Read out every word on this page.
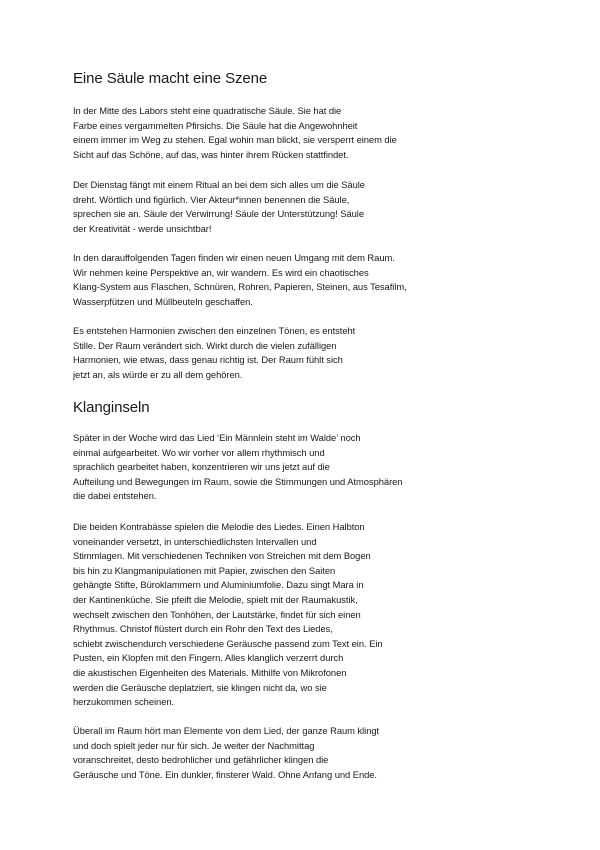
Eine Säule macht eine Szene

In der Mitte des Labors steht eine quadratische Säule. Sie hat die
Farbe eines vergammelten Pfirsichs. Die Säule hat die Angewohnheit
einem immer im Weg zu stehen. Egal wohin man blickt, sie versperrt einem die
Sicht auf das Schöne, auf das, was hinter ihrem Rücken stattfindet.

Der Dienstag fängt mit einem Ritual an bei dem sich alles um die Säule
dreht. Wörtlich und figürlich. Vier Akteur*innen benennen die Säule,
sprechen sie an. Säule der Verwirrung! Säule der Unterstützung! Säule
der Kreativität - werde unsichtbar!

In den darauffolgenden Tagen finden wir einen neuen Umgang mit dem Raum.
Wir nehmen keine Perspektive an, wir wandern. Es wird ein chaotisches
Klang-System aus Flaschen, Schnüren, Rohren, Papieren, Steinen, aus Tesafilm,
Wasserpfützen und Müllbeuteln geschaffen.

Es entstehen Harmonien zwischen den einzelnen Tönen, es entsteht
Stille. Der Raum verändert sich. Wirkt durch die vielen zufälligen
Harmonien, wie etwas, dass genau richtig ist. Der Raum fühlt sich
jetzt an, als würde er zu all dem gehören.

Klanginseln

Später in der Woche wird das Lied ‘Ein Männlein steht im Walde’ noch
einmal aufgearbeitet. Wo wir vorher vor allem rhythmisch und
sprachlich gearbeitet haben, konzentrieren wir uns jetzt auf die
Aufteilung und Bewegungen im Raum, sowie die Stimmungen und Atmosphären
die dabei entstehen.

Die beiden Kontrabässe spielen die Melodie des Liedes. Einen Halbton
voneinander versetzt, in unterschiedlichsten Intervallen und
Stimmlagen. Mit verschiedenen Techniken von Streichen mit dem Bogen
bis hin zu Klangmanipulationen mit Papier, zwischen den Saiten
gehängte Stifte, Büroklammern und Aluminiumfolie. Dazu singt Mara in
der Kantinenküche. Sie pfeift die Melodie, spielt mit der Raumakustik,
wechselt zwischen den Tonhöhen, der Lautstärke, findet für sich einen
Rhythmus. Christof flüstert durch ein Rohr den Text des Liedes,
schiebt zwischendurch verschiedene Geräusche passend zum Text ein. Ein
Pusten, ein Klopfen mit den Fingern. Alles klanglich verzerrt durch
die akustischen Eigenheiten des Materials. Mithilfe von Mikrofonen
werden die Geräusche deplatziert, sie klingen nicht da, wo sie
herzukommen scheinen.

Überall im Raum hört man Elemente von dem Lied, der ganze Raum klingt
und doch spielt jeder nur für sich. Je weiter der Nachmittag
voranschreitet, desto bedrohlicher und gefährlicher klingen die
Geräusche und Töne. Ein dunkler, finsterer Wald. Ohne Anfang und Ende.
